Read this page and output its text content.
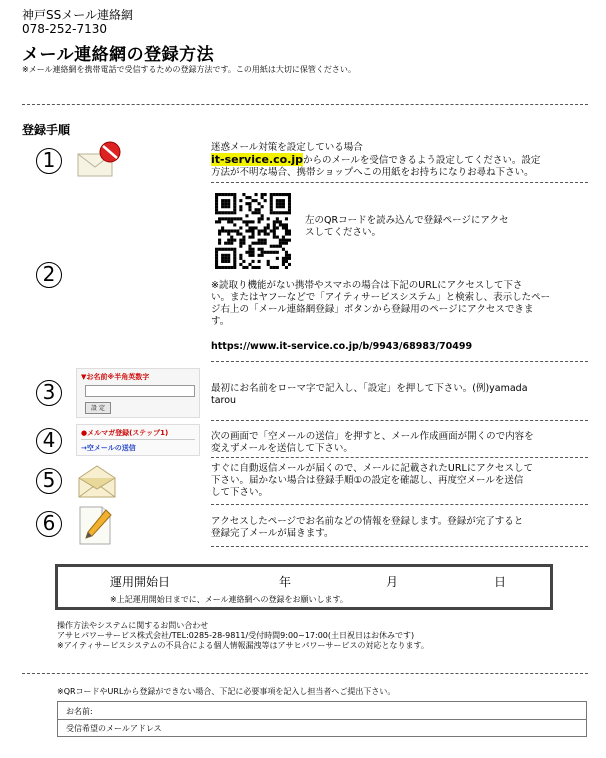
神戸SSメール連絡網
078-252-7130
メール連絡網の登録方法
※メール連絡網を携帯電話で受信するための登録方法です。この用紙は大切に保管ください。
登録手順
1
迷惑メール対策を設定している場合
it-service.co.jpからのメールを受信できるよう設定してください。設定
方法が不明な場合、携帯ショップへこの用紙をお持ちになりお尋ね下さい。
2
左のQRコードを読み込んで登録ページにアクセ
スしてください。
※読取り機能がない携帯やスマホの場合は下記のURLにアクセスして下さ
い。またはヤフーなどで「アイティサービスシステム」と検索し、表示したペー
ジ右上の「メール連絡網登録」ボタンから登録用のページにアクセスできま
す。
https://www.it-service.co.jp/b/9943/68983/70499
3
▼お名前※半角英数字
設 定
最初にお名前をローマ字で記入し、「設定」を押して下さい。(例)yamada
tarou
4	●メルマガ登録(ステップ1)
→空メールの送信
次の画面で「空メールの送信」を押すと、メール作成画面が開くので内容を
変えずメールを送信して下さい。
5	すぐに自動返信メールが届くので、メールに記載されたURLにアクセスして
下さい。届かない場合は登録手順①の設定を確認し、再度空メールを送信
して下さい。
6	アクセスしたページでお名前などの情報を登録します。登録が完了すると
登録完了メールが届きます。
運用開始日	年	月	日
※上記運用開始日までに、メール連絡網への登録をお願いします。
操作方法やシステムに関するお問い合わせ
アサヒパワーサービス株式会社/TEL:0285-28-9811/受付時間9:00~17:00(土日祝日はお休みです)
※アイティサービスシステムの不具合による個人情報漏洩等はアサヒパワーサービスの対応となります。
※QRコードやURLから登録ができない場合、下記に必要事項を記入し担当者へご提出下さい。
お名前:
受信希望のメールアドレス
